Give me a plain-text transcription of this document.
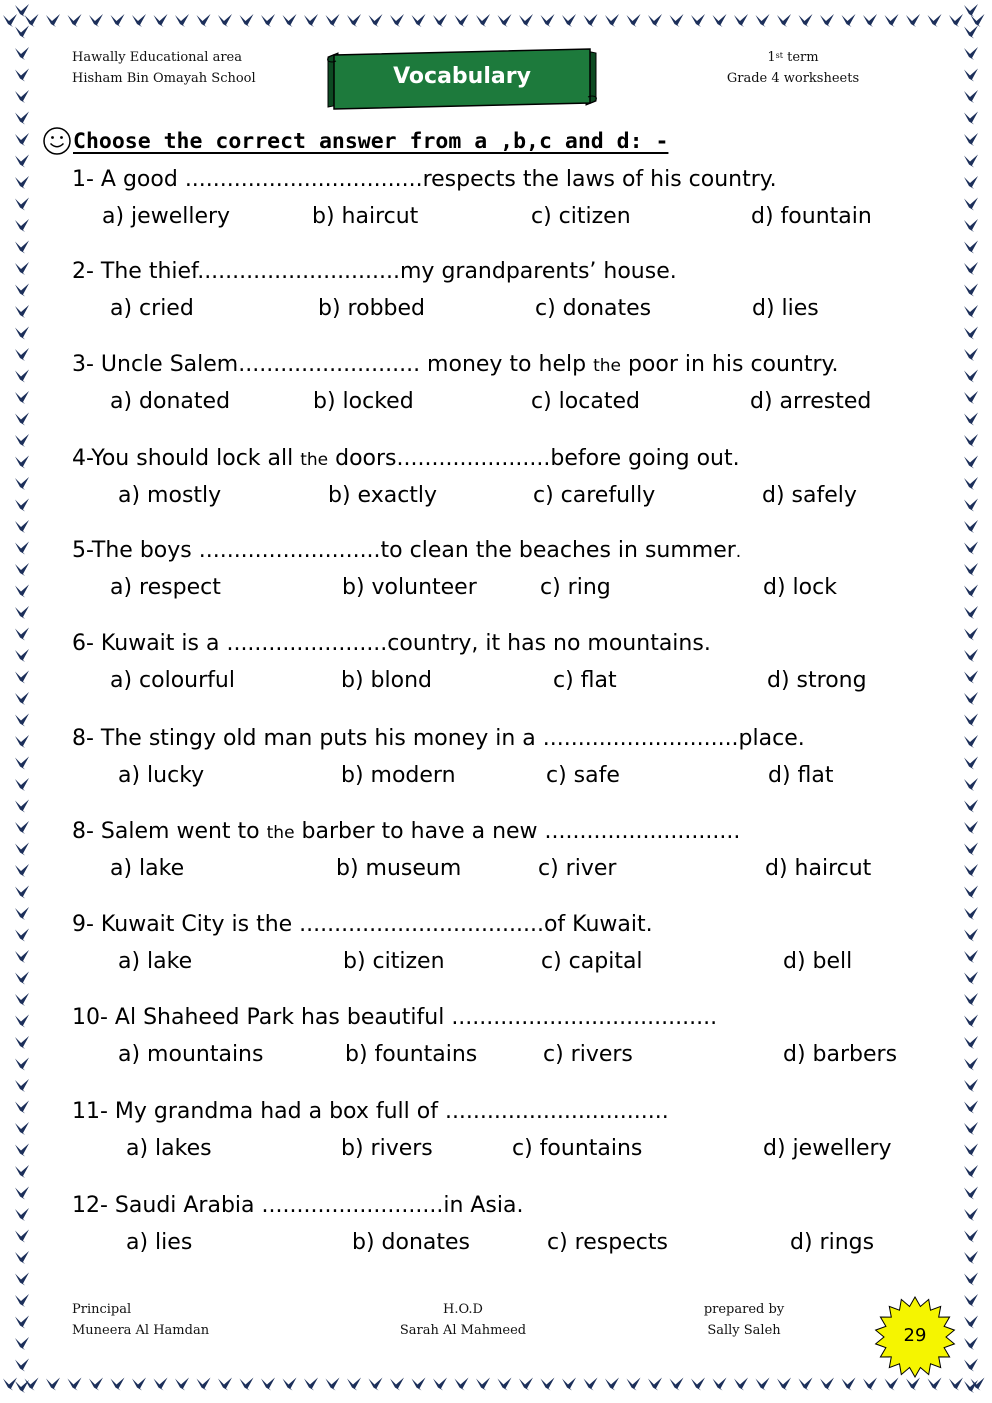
Hawally Educational area
Hisham Bin Omayah School	Vocabulary
1st term
Grade 4 worksheets
Choose the correct answer from a ,b,c and d: -
1- A good ..................................respects the laws of his country.
a) jewellery	b) haircut	c) citizen	d) fountain
2- The thief.............................my grandparents’ house.
a) cried	b) robbed	c) donates	d) lies
3- Uncle Salem.......................... money to help the poor in his country.
a) donated	b) locked	c) located	d) arrested
4-You should lock all the doors......................before going out.
a) mostly	b) exactly	c) carefully	d) safely
5-The boys ..........................to clean the beaches in summer.
a) respect	b) volunteer	c) ring	d) lock
6- Kuwait is a .......................country, it has no mountains.
a) colourful	b) blond	c) flat	d) strong
8- The stingy old man puts his money in a ............................place.
a) lucky	b) modern	c) safe	d) flat
8- Salem went to the barber to have a new ............................
a) lake	b) museum	c) river	d) haircut
9- Kuwait City is the ...................................of Kuwait.
a) lake	b) citizen	c) capital	d) bell
10- Al Shaheed Park has beautiful ......................................
a) mountains	b) fountains	c) rivers	d) barbers
11- My grandma had a box full of ................................
a) lakes	b) rivers	c) fountains	d) jewellery
12- Saudi Arabia ..........................in Asia.
a) lies	b) donates	c) respects	d) rings
Principal
Muneera Al Hamdan
H.O.D
Sarah Al Mahmeed
prepared by
Sally Saleh	29
